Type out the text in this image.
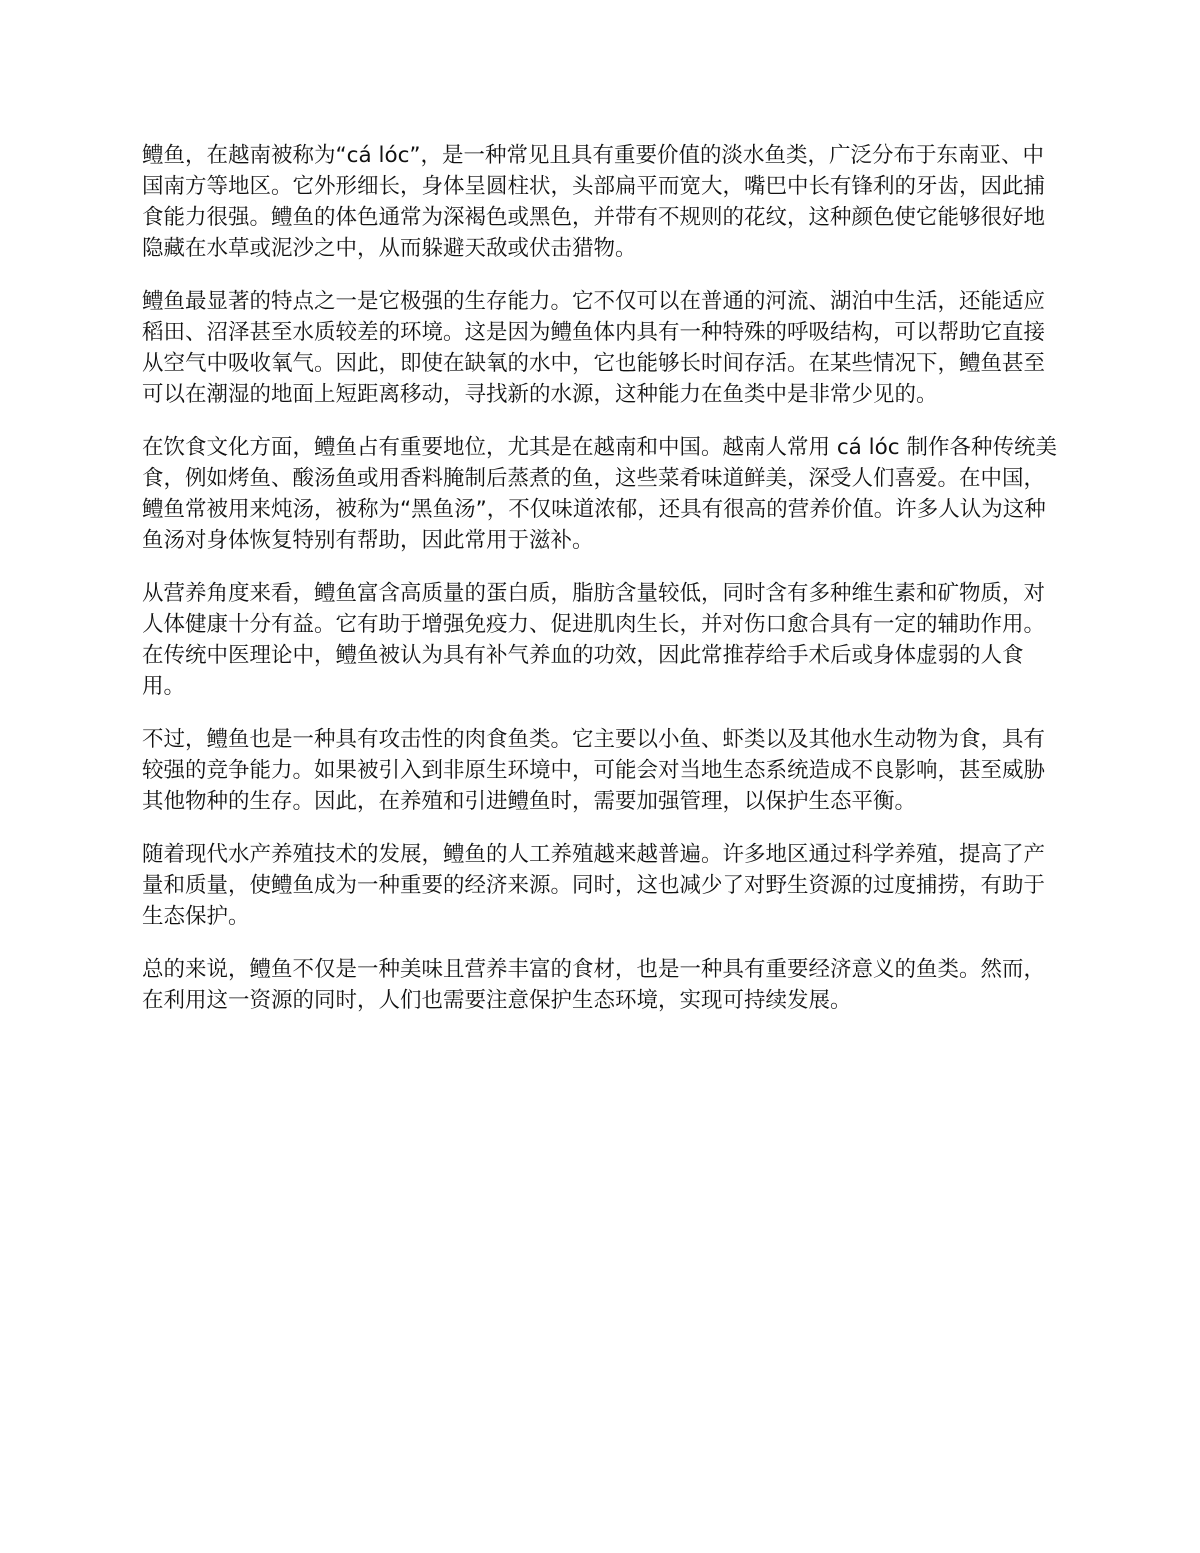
鳢鱼，在越南被称为“cá lóc”，是一种常见且具有重要价值的淡水鱼类，广泛分布于东南亚、中国南方等地区。它外形细长，身体呈圆柱状，头部扁平而宽大，嘴巴中长有锋利的牙齿，因此捕食能力很强。鳢鱼的体色通常为深褐色或黑色，并带有不规则的花纹，这种颜色使它能够很好地隐藏在水草或泥沙之中，从而躲避天敌或伏击猎物。

鳢鱼最显著的特点之一是它极强的生存能力。它不仅可以在普通的河流、湖泊中生活，还能适应稻田、沼泽甚至水质较差的环境。这是因为鳢鱼体内具有一种特殊的呼吸结构，可以帮助它直接从空气中吸收氧气。因此，即使在缺氧的水中，它也能够长时间存活。在某些情况下，鳢鱼甚至可以在潮湿的地面上短距离移动，寻找新的水源，这种能力在鱼类中是非常少见的。

在饮食文化方面，鳢鱼占有重要地位，尤其是在越南和中国。越南人常用 cá lóc 制作各种传统美食，例如烤鱼、酸汤鱼或用香料腌制后蒸煮的鱼，这些菜肴味道鲜美，深受人们喜爱。在中国，鳢鱼常被用来炖汤，被称为“黑鱼汤”，不仅味道浓郁，还具有很高的营养价值。许多人认为这种鱼汤对身体恢复特别有帮助，因此常用于滋补。

从营养角度来看，鳢鱼富含高质量的蛋白质，脂肪含量较低，同时含有多种维生素和矿物质，对人体健康十分有益。它有助于增强免疫力、促进肌肉生长，并对伤口愈合具有一定的辅助作用。在传统中医理论中，鳢鱼被认为具有补气养血的功效，因此常推荐给手术后或身体虚弱的人食用。

不过，鳢鱼也是一种具有攻击性的肉食鱼类。它主要以小鱼、虾类以及其他水生动物为食，具有较强的竞争能力。如果被引入到非原生环境中，可能会对当地生态系统造成不良影响，甚至威胁其他物种的生存。因此，在养殖和引进鳢鱼时，需要加强管理，以保护生态平衡。

随着现代水产养殖技术的发展，鳢鱼的人工养殖越来越普遍。许多地区通过科学养殖，提高了产量和质量，使鳢鱼成为一种重要的经济来源。同时，这也减少了对野生资源的过度捕捞，有助于生态保护。

总的来说，鳢鱼不仅是一种美味且营养丰富的食材，也是一种具有重要经济意义的鱼类。然而，在利用这一资源的同时，人们也需要注意保护生态环境，实现可持续发展。
